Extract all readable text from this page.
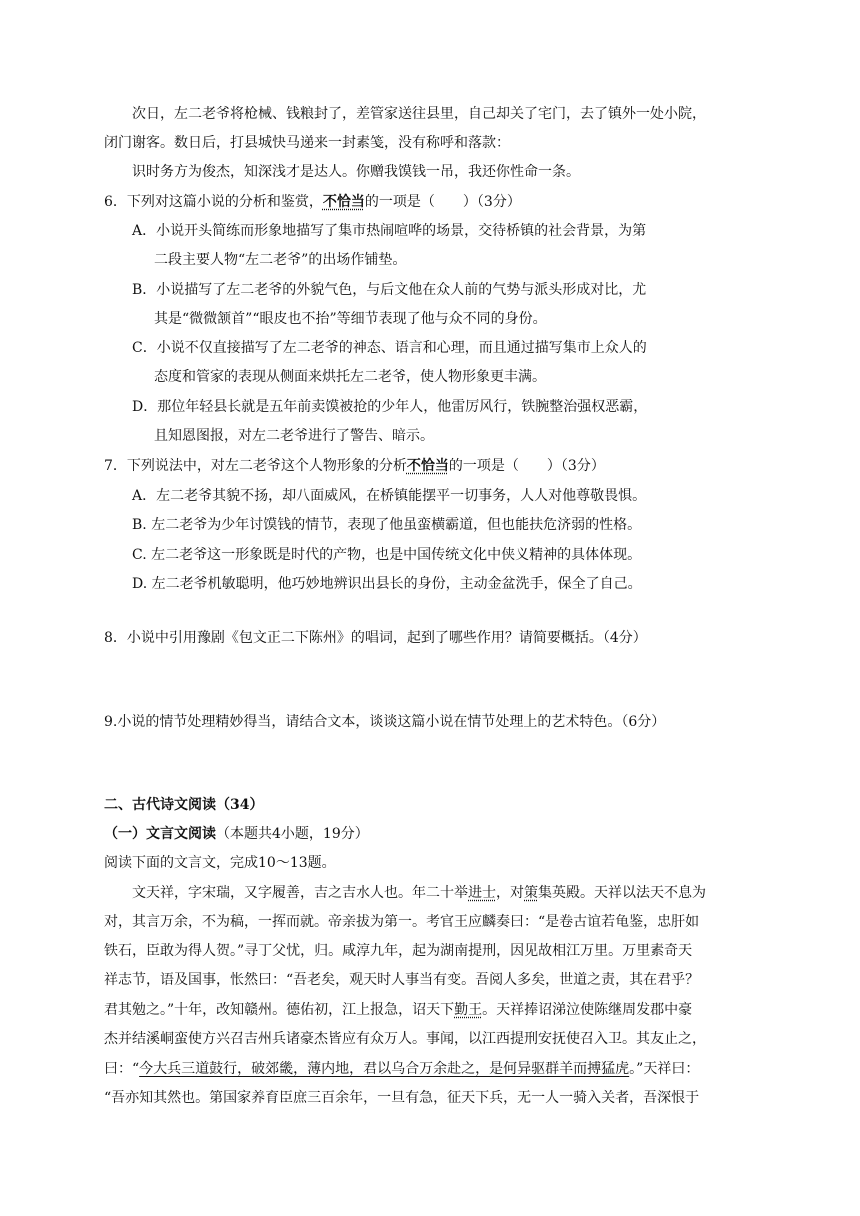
次日，左二老爷将枪械、钱粮封了，差管家送往县里，自己却关了宅门，去了镇外一处小院，
闭门谢客。数日后，打县城快马递来一封素笺，没有称呼和落款：
识时务方为俊杰，知深浅才是达人。你赠我馍钱一吊，我还你性命一条。
6．下列对这篇小说的分析和鉴赏，不恰当的一项是（　　）（3分）
A．小说开头简练而形象地描写了集市热闹喧哗的场景，交待桥镇的社会背景，为第
二段主要人物“左二老爷”的出场作铺垫。
B．小说描写了左二老爷的外貌气色，与后文他在众人前的气势与派头形成对比，尤
其是“微微颔首”“眼皮也不抬”等细节表现了他与众不同的身份。
C．小说不仅直接描写了左二老爷的神态、语言和心理，而且通过描写集市上众人的
态度和管家的表现从侧面来烘托左二老爷，使人物形象更丰满。
D．那位年轻县长就是五年前卖馍被抢的少年人，他雷厉风行，铁腕整治强权恶霸，
且知恩图报，对左二老爷进行了警告、暗示。
7．下列说法中，对左二老爷这个人物形象的分析不恰当的一项是（　　）（3分）
A．左二老爷其貌不扬，却八面威风，在桥镇能摆平一切事务，人人对他尊敬畏惧。
B. 左二老爷为少年讨馍钱的情节，表现了他虽蛮横霸道，但也能扶危济弱的性格。
C. 左二老爷这一形象既是时代的产物，也是中国传统文化中侠义精神的具体体现。
D. 左二老爷机敏聪明，他巧妙地辨识出县长的身份，主动金盆洗手，保全了自己。
8．小说中引用豫剧《包文正二下陈州》的唱词，起到了哪些作用？请简要概括。（4分）
9.小说的情节处理精妙得当，请结合文本，谈谈这篇小说在情节处理上的艺术特色。（6分）
二、古代诗文阅读（34）
（一）文言文阅读（本题共4小题，19分）
阅读下面的文言文，完成10～13题。
文天祥，字宋瑞，又字履善，吉之吉水人也。年二十举进士，对策集英殿。天祥以法天不息为
对，其言万余，不为稿，一挥而就。帝亲拔为第一。考官王应麟奏曰：“是卷古谊若龟鉴，忠肝如
铁石，臣敢为得人贺。”寻丁父忧，归。咸淳九年，起为湖南提刑，因见故相江万里。万里素奇天
祥志节，语及国事，怅然曰：“吾老矣，观天时人事当有变。吾阅人多矣，世道之责，其在君乎？
君其勉之。”十年，改知赣州。德佑初，江上报急，诏天下勤王。天祥捧诏涕泣使陈继周发郡中豪
杰并结溪峒蛮使方兴召吉州兵诸豪杰皆应有众万人。事闻，以江西提刑安抚使召入卫。其友止之，
曰：“今大兵三道鼓行，破郊畿，薄内地，君以乌合万余赴之，是何异驱群羊而搏猛虎。”天祥曰：
“吾亦知其然也。第国家养育臣庶三百余年，一旦有急，征天下兵，无一人一骑入关者，吾深恨于
